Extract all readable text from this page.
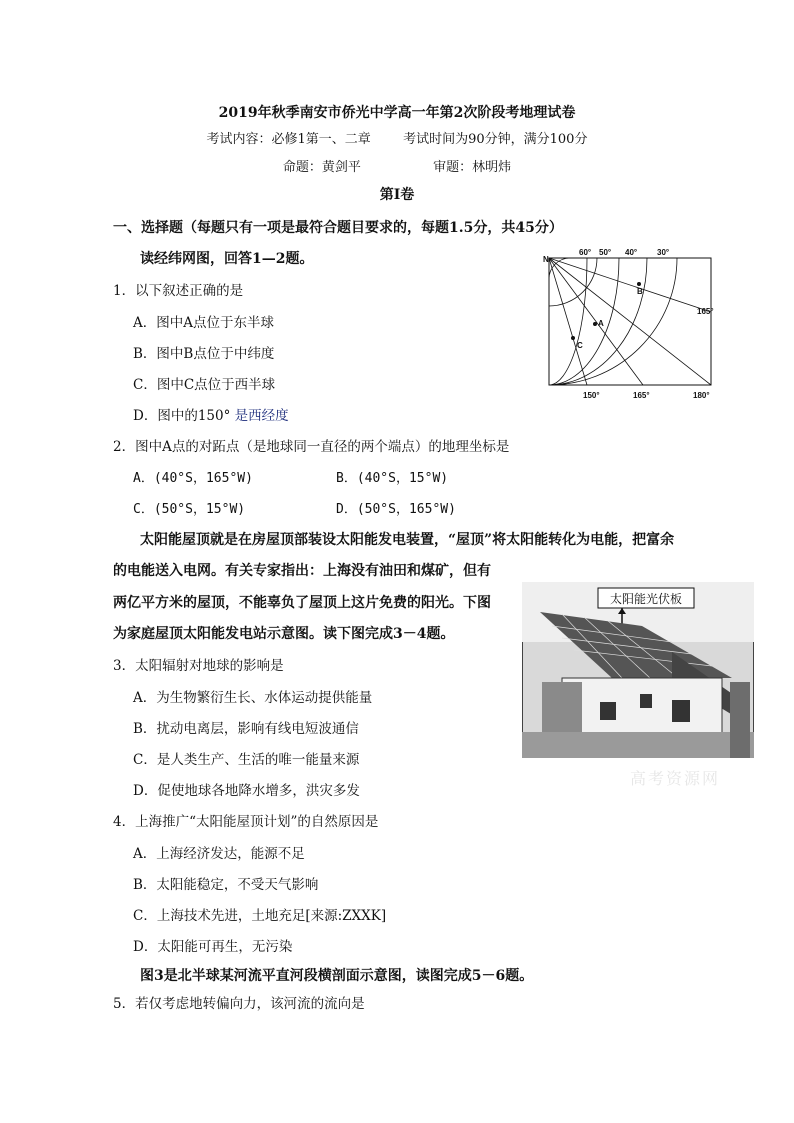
2019年秋季南安市侨光中学高一年第2次阶段考地理试卷
考试内容：必修1第一、二章 考试时间为90分钟，满分100分
命题：黄剑平	审题：林明炜
第Ⅰ卷
一、选择题（每题只有一项是最符合题目要求的，每题1.5分，共45分）
读经纬网图，回答1—2题。
1．以下叙述正确的是
A．图中A点位于东半球
B．图中B点位于中纬度
C．图中C点位于西半球
D．图中的150° 是西经度
N
60° 50° 40° 30°
165°
150°	165°	180°
A
B
C
2．图中A点的对跖点（是地球同一直径的两个端点）的地理坐标是
A．(40°S，165°W)	B．(40°S，15°W)
C．(50°S，15°W)	D．(50°S，165°W)
太阳能屋顶就是在房屋顶部装设太阳能发电装置，“屋顶”将太阳能转化为电能，把富余
的电能送入电网。有关专家指出：上海没有油田和煤矿，但有
两亿平方米的屋顶，不能辜负了屋顶上这片免费的阳光。下图
为家庭屋顶太阳能发电站示意图。读下图完成3－4题。
太阳能光伏板
高考资源网
3．太阳辐射对地球的影响是
A．为生物繁衍生长、水体运动提供能量
B．扰动电离层，影响有线电短波通信
C．是人类生产、生活的唯一能量来源
D．促使地球各地降水增多，洪灾多发
4．上海推广“太阳能屋顶计划”的自然原因是
A．上海经济发达，能源不足
B．太阳能稳定，不受天气影响
C．上海技术先进，土地充足[来源:ZXXK]
D．太阳能可再生，无污染
图3是北半球某河流平直河段横剖面示意图，读图完成5－6题。
5．若仅考虑地转偏向力，该河流的流向是
